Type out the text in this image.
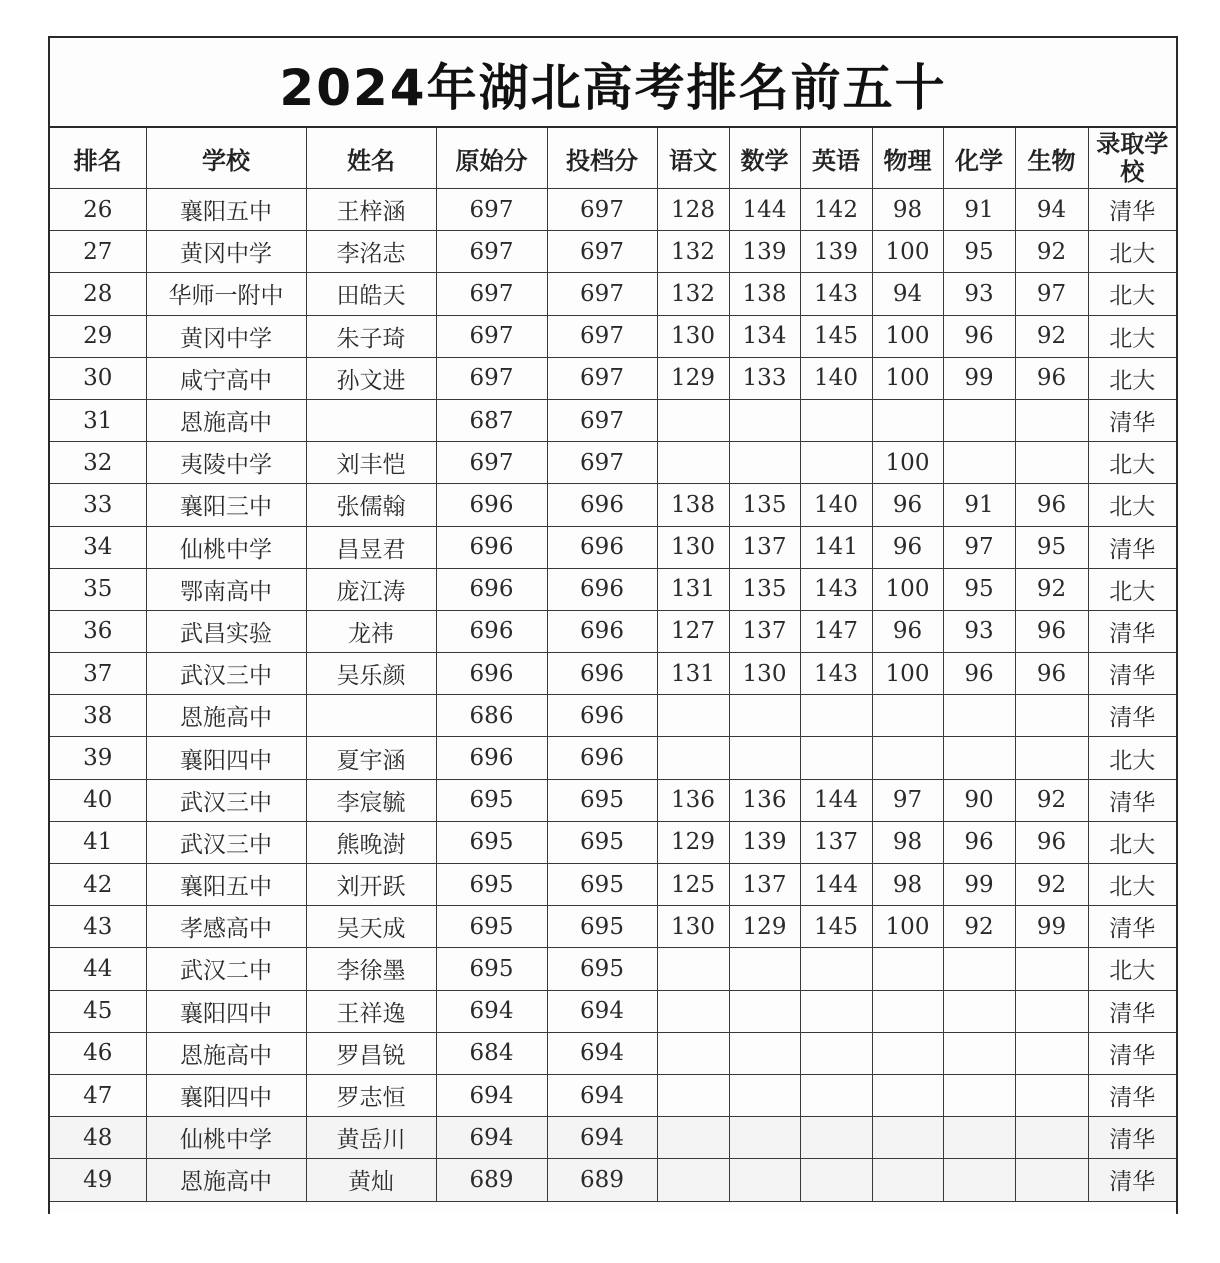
2024年湖北高考排名前五十
排名	学校	姓名	原始分	投档分	语文	数学	英语	物理	化学	生物	录取学校
26	襄阳五中	王梓涵	697	697	128	144	142	98	91	94	清华
27	黄冈中学	李洺志	697	697	132	139	139	100	95	92	北大
28	华师一附中	田皓天	697	697	132	138	143	94	93	97	北大
29	黄冈中学	朱子琦	697	697	130	134	145	100	96	92	北大
30	咸宁高中	孙文进	697	697	129	133	140	100	99	96	北大
31	恩施高中		687	697							清华
32	夷陵中学	刘丰恺	697	697				100			北大
33	襄阳三中	张儒翰	696	696	138	135	140	96	91	96	北大
34	仙桃中学	昌昱君	696	696	130	137	141	96	97	95	清华
35	鄂南高中	庞江涛	696	696	131	135	143	100	95	92	北大
36	武昌实验	龙祎	696	696	127	137	147	96	93	96	清华
37	武汉三中	吴乐颜	696	696	131	130	143	100	96	96	清华
38	恩施高中		686	696							清华
39	襄阳四中	夏宇涵	696	696							北大
40	武汉三中	李宸毓	695	695	136	136	144	97	90	92	清华
41	武汉三中	熊晚澍	695	695	129	139	137	98	96	96	北大
42	襄阳五中	刘开跃	695	695	125	137	144	98	99	92	北大
43	孝感高中	吴天成	695	695	130	129	145	100	92	99	清华
44	武汉二中	李徐墨	695	695							北大
45	襄阳四中	王祥逸	694	694							清华
46	恩施高中	罗昌锐	684	694							清华
47	襄阳四中	罗志恒	694	694							清华
48	仙桃中学	黄岳川	694	694							清华
49	恩施高中	黄灿	689	689							清华
